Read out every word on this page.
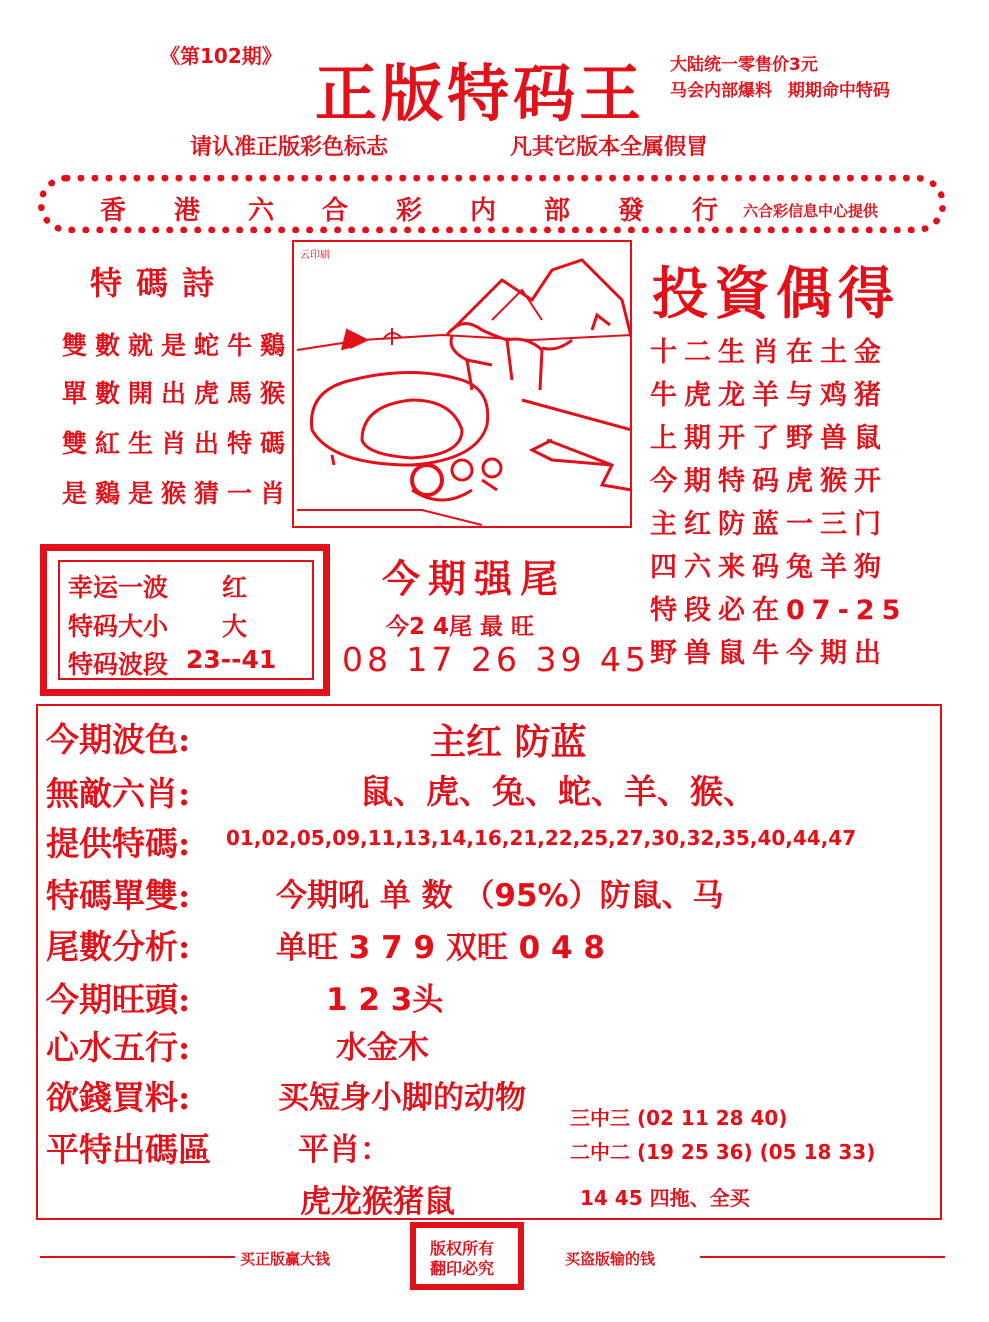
《第102期》
正版特码王 大陆统一零售价3元
马会内部爆料 期期命中特码
请认准正版彩色标志	凡其它版本全属假冒
香港六合彩内部發行
六合彩信息中心提供
特碼詩
雙數就是蛇牛鷄
單數開出虎馬猴
雙紅生肖出特碼
是鷄是猴猜一肖
云印刷
投資偶得
十二生肖在土金
牛虎龙羊与鸡猪
上期开了野兽鼠
今期特码虎猴开
主红防蓝一三门
四六来码兔羊狗
特段必在07-25
野兽鼠牛今期出
幸运一波 红
特码大小 大
特码波段 23--41
今期强尾
今2 4尾 最 旺
08 17 26 39 45
今期波色:	主红 防蓝
無敵六肖:	鼠、虎、兔、蛇、羊、猴、
提供特碼: 01,02,05,09,11,13,14,16,21,22,25,27,30,32,35,40,44,47
特碼單雙:	今期吼 单 数 （95%）防鼠、马
尾數分析:	单旺 3 7 9 双旺 0 4 8
今期旺頭:	1 2 3头
心水五行:	水金木
欲錢買料:	买短身小脚的动物
平特出碼區	平肖：
虎龙猴猪鼠
三中三 (02 11 28 40)
二中二 (19 25 36) (05 18 33)
14 45 四拖、全买
买正版赢大钱
版权所有
翻印必究	买盗版输的钱
